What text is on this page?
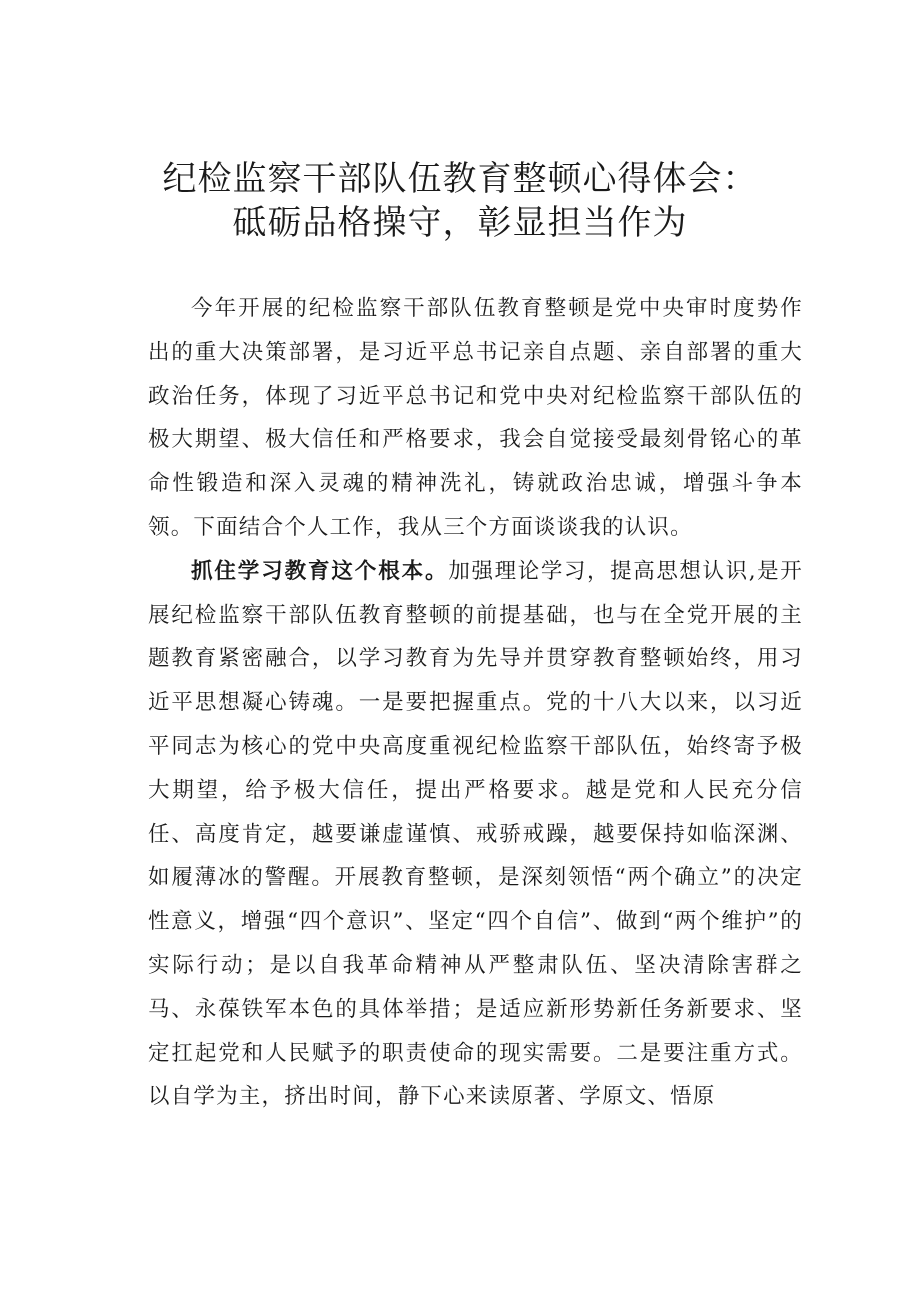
纪检监察干部队伍教育整顿心得体会：
砥砺品格操守，彰显担当作为

今年开展的纪检监察干部队伍教育整顿是党中央审时度势作出的重大决策部署，是习近平总书记亲自点题、亲自部署的重大政治任务，体现了习近平总书记和党中央对纪检监察干部队伍的极大期望、极大信任和严格要求，我会自觉接受最刻骨铭心的革命性锻造和深入灵魂的精神洗礼，铸就政治忠诚，增强斗争本领。下面结合个人工作，我从三个方面谈谈我的认识。

抓住学习教育这个根本。加强理论学习，提高思想认识,是开展纪检监察干部队伍教育整顿的前提基础，也与在全党开展的主题教育紧密融合，以学习教育为先导并贯穿教育整顿始终，用习近平思想凝心铸魂。一是要把握重点。党的十八大以来，以习近平同志为核心的党中央高度重视纪检监察干部队伍，始终寄予极大期望，给予极大信任，提出严格要求。越是党和人民充分信任、高度肯定，越要谦虚谨慎、戒骄戒躁，越要保持如临深渊、如履薄冰的警醒。开展教育整顿，是深刻领悟“两个确立”的决定性意义，增强“四个意识”、坚定“四个自信”、做到“两个维护”的实际行动；是以自我革命精神从严整肃队伍、坚决清除害群之马、永葆铁军本色的具体举措；是适应新形势新任务新要求、坚定扛起党和人民赋予的职责使命的现实需要。二是要注重方式。以自学为主，挤出时间，静下心来读原著、学原文、悟原
